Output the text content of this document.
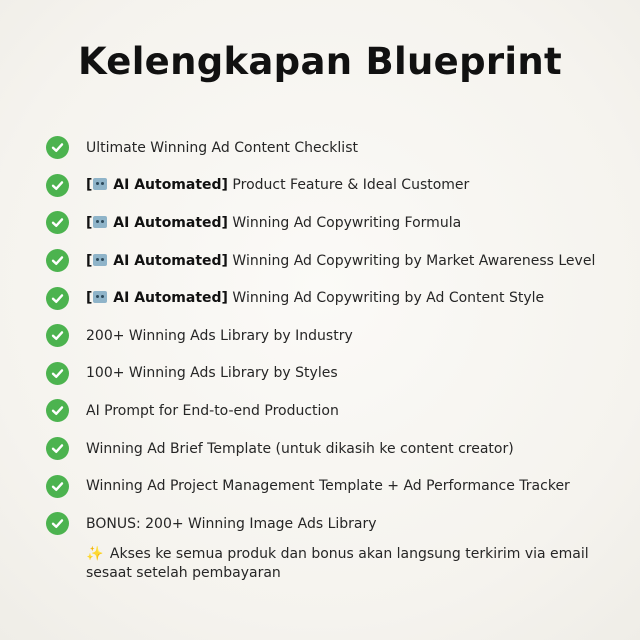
Kelengkapan Blueprint
Ultimate Winning Ad Content Checklist
[ AI Automated] Product Feature & Ideal Customer
[ AI Automated] Winning Ad Copywriting Formula
[ AI Automated] Winning Ad Copywriting by Market Awareness Level
[ AI Automated] Winning Ad Copywriting by Ad Content Style
200+ Winning Ads Library by Industry
100+ Winning Ads Library by Styles
AI Prompt for End-to-end Production
Winning Ad Brief Template (untuk dikasih ke content creator)
Winning Ad Project Management Template + Ad Performance Tracker
BONUS: 200+ Winning Image Ads Library
✨ Akses ke semua produk dan bonus akan langsung terkirim via email sesaat setelah pembayaran
